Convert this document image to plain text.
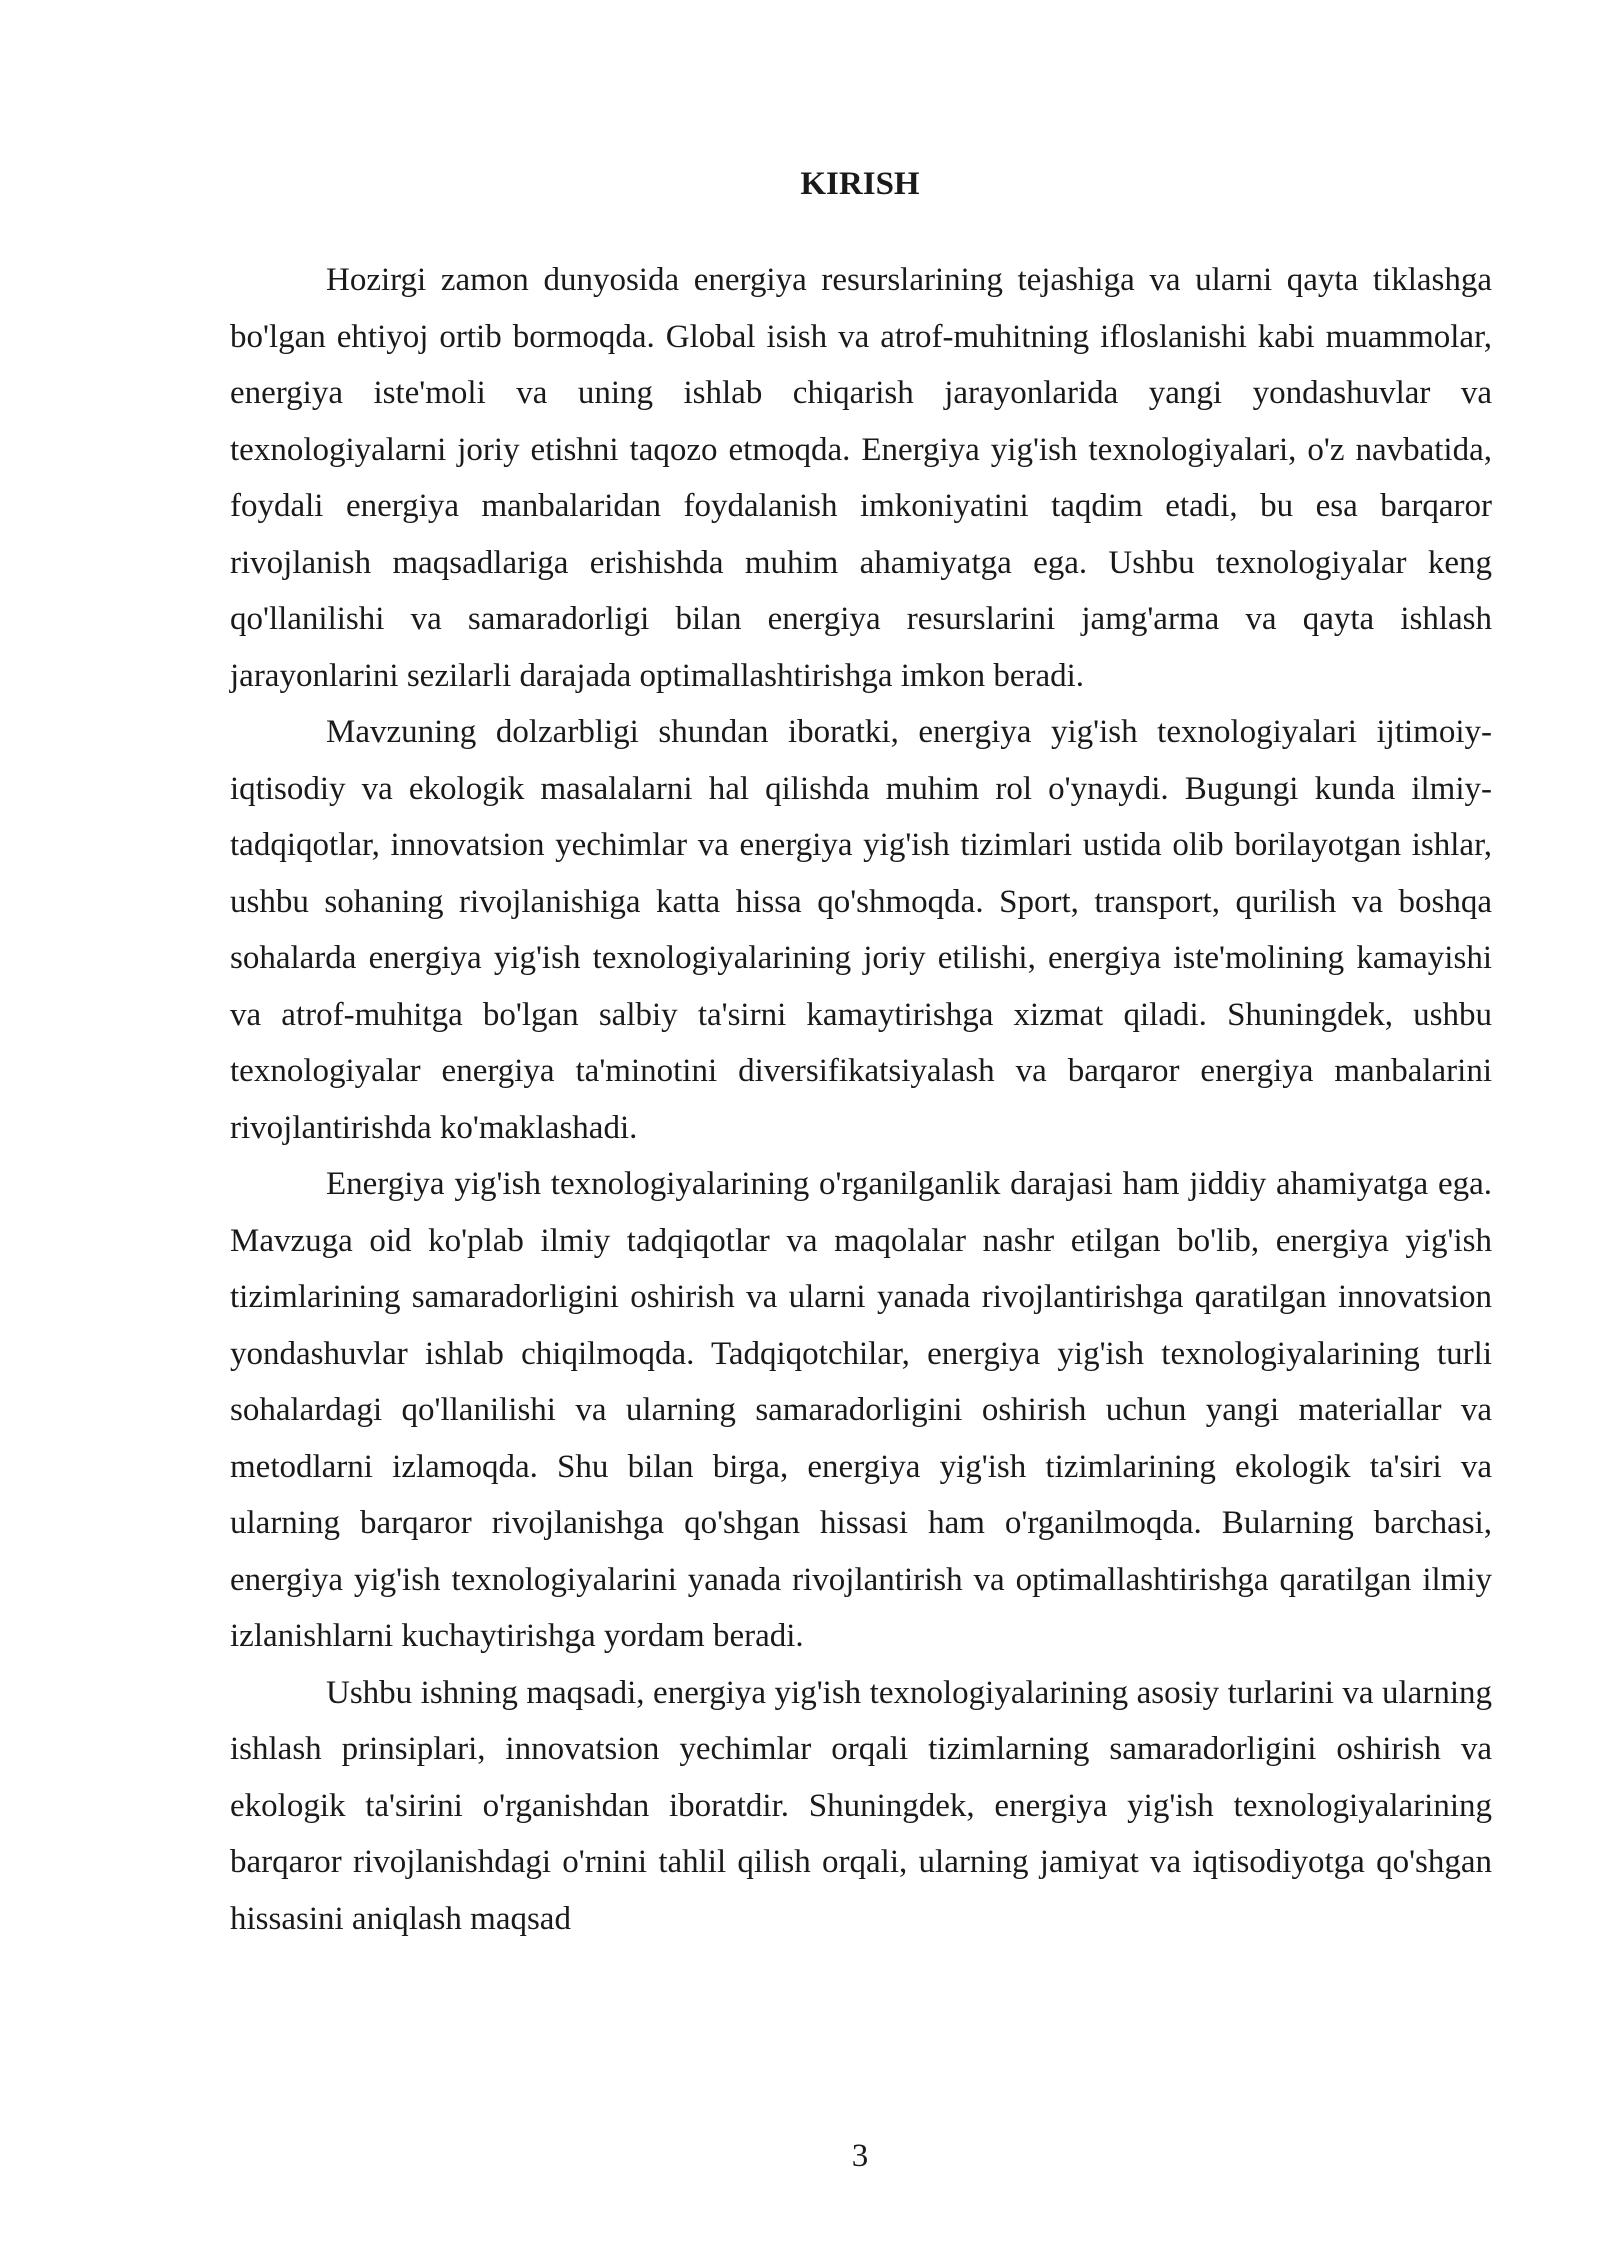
KIRISH

Hozirgi zamon dunyosida energiya resurslarining tejashiga va ularni qayta tiklashga bo'lgan ehtiyoj ortib bormoqda. Global isish va atrof-muhitning ifloslanishi kabi muammolar, energiya iste'moli va uning ishlab chiqarish jarayonlarida yangi yondashuvlar va texnologiyalarni joriy etishni taqozo etmoqda. Energiya yig'ish texnologiyalari, o'z navbatida, foydali energiya manbalaridan foydalanish imkoniyatini taqdim etadi, bu esa barqaror rivojlanish maqsadlariga erishishda muhim ahamiyatga ega. Ushbu texnologiyalar keng qo'llanilishi va samaradorligi bilan energiya resurslarini jamg'arma va qayta ishlash jarayonlarini sezilarli darajada optimallashtirishga imkon beradi.

Mavzuning dolzarbligi shundan iboratki, energiya yig'ish texnologiyalari ijtimoiy-iqtisodiy va ekologik masalalarni hal qilishda muhim rol o'ynaydi. Bugungi kunda ilmiy-tadqiqotlar, innovatsion yechimlar va energiya yig'ish tizimlari ustida olib borilayotgan ishlar, ushbu sohaning rivojlanishiga katta hissa qo'shmoqda. Sport, transport, qurilish va boshqa sohalarda energiya yig'ish texnologiyalarining joriy etilishi, energiya iste'molining kamayishi va atrof-muhitga bo'lgan salbiy ta'sirni kamaytirishga xizmat qiladi. Shuningdek, ushbu texnologiyalar energiya ta'minotini diversifikatsiyalash va barqaror energiya manbalarini rivojlantirishda ko'maklashadi.

Energiya yig'ish texnologiyalarining o'rganilganlik darajasi ham jiddiy ahamiyatga ega. Mavzuga oid ko'plab ilmiy tadqiqotlar va maqolalar nashr etilgan bo'lib, energiya yig'ish tizimlarining samaradorligini oshirish va ularni yanada rivojlantirishga qaratilgan innovatsion yondashuvlar ishlab chiqilmoqda. Tadqiqotchilar, energiya yig'ish texnologiyalarining turli sohalardagi qo'llanilishi va ularning samaradorligini oshirish uchun yangi materiallar va metodlarni izlamoqda. Shu bilan birga, energiya yig'ish tizimlarining ekologik ta'siri va ularning barqaror rivojlanishga qo'shgan hissasi ham o'rganilmoqda. Bularning barchasi, energiya yig'ish texnologiyalarini yanada rivojlantirish va optimallashtirishga qaratilgan ilmiy izlanishlarni kuchaytirishga yordam beradi.

Ushbu ishning maqsadi, energiya yig'ish texnologiyalarining asosiy turlarini va ularning ishlash prinsiplari, innovatsion yechimlar orqali tizimlarning samaradorligini oshirish va ekologik ta'sirini o'rganishdan iboratdir. Shuningdek, energiya yig'ish texnologiyalarining barqaror rivojlanishdagi o'rnini tahlil qilish orqali, ularning jamiyat va iqtisodiyotga qo'shgan hissasini aniqlash maqsad

3
